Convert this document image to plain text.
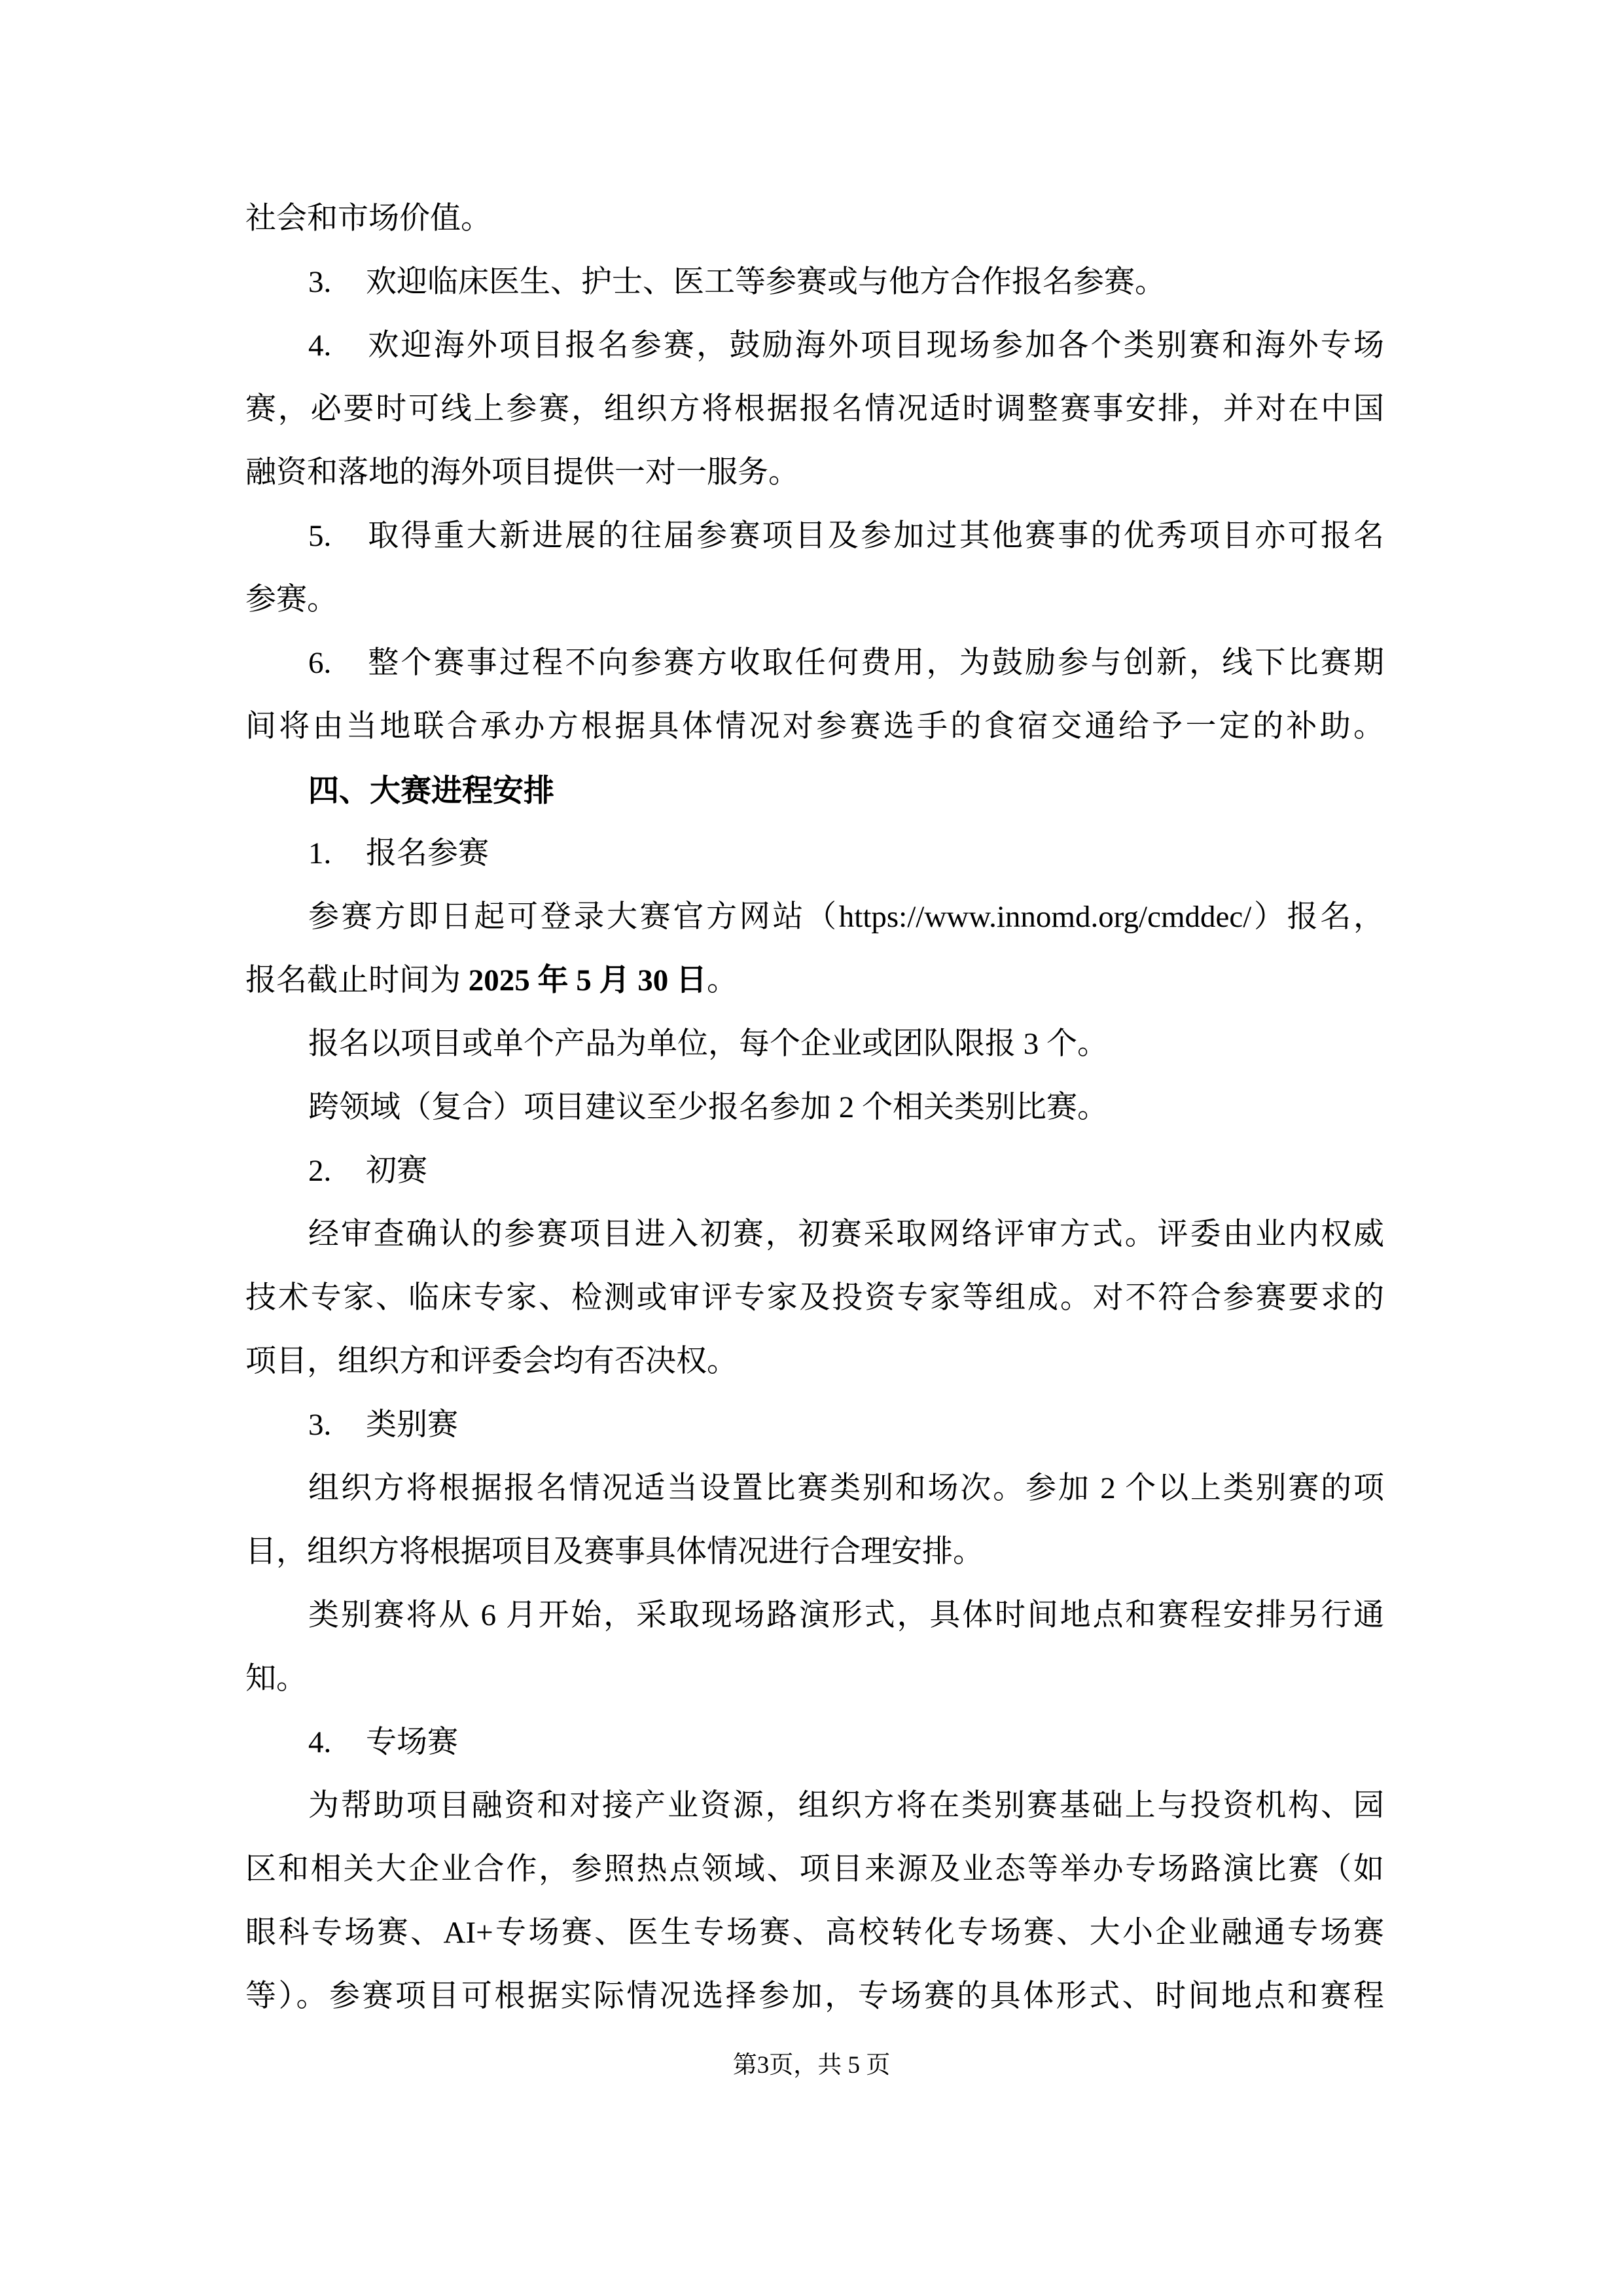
社会和市场价值。
3. 欢迎临床医生、护士、医工等参赛或与他方合作报名参赛。
4. 欢迎海外项目报名参赛，鼓励海外项目现场参加各个类别赛和海外专场
赛，必要时可线上参赛，组织方将根据报名情况适时调整赛事安排，并对在中国
融资和落地的海外项目提供一对一服务。
5. 取得重大新进展的往届参赛项目及参加过其他赛事的优秀项目亦可报名
参赛。
6. 整个赛事过程不向参赛方收取任何费用，为鼓励参与创新，线下比赛期
间将由当地联合承办方根据具体情况对参赛选手的食宿交通给予一定的补助。
四、大赛进程安排
1. 报名参赛
参赛方即日起可登录大赛官方网站（https://www.innomd.org/cmddec/）报名，
报名截止时间为 2025 年 5 月 30 日。
报名以项目或单个产品为单位，每个企业或团队限报 3 个。
跨领域（复合）项目建议至少报名参加 2 个相关类别比赛。
2. 初赛
经审查确认的参赛项目进入初赛，初赛采取网络评审方式。评委由业内权威
技术专家、临床专家、检测或审评专家及投资专家等组成。对不符合参赛要求的
项目，组织方和评委会均有否决权。
3. 类别赛
组织方将根据报名情况适当设置比赛类别和场次。参加 2 个以上类别赛的项
目，组织方将根据项目及赛事具体情况进行合理安排。
类别赛将从 6 月开始，采取现场路演形式，具体时间地点和赛程安排另行通
知。
4. 专场赛
为帮助项目融资和对接产业资源，组织方将在类别赛基础上与投资机构、园
区和相关大企业合作，参照热点领域、项目来源及业态等举办专场路演比赛（如
眼科专场赛、AI+专场赛、医生专场赛、高校转化专场赛、大小企业融通专场赛
等）。参赛项目可根据实际情况选择参加，专场赛的具体形式、时间地点和赛程
第3页，共 5 页
